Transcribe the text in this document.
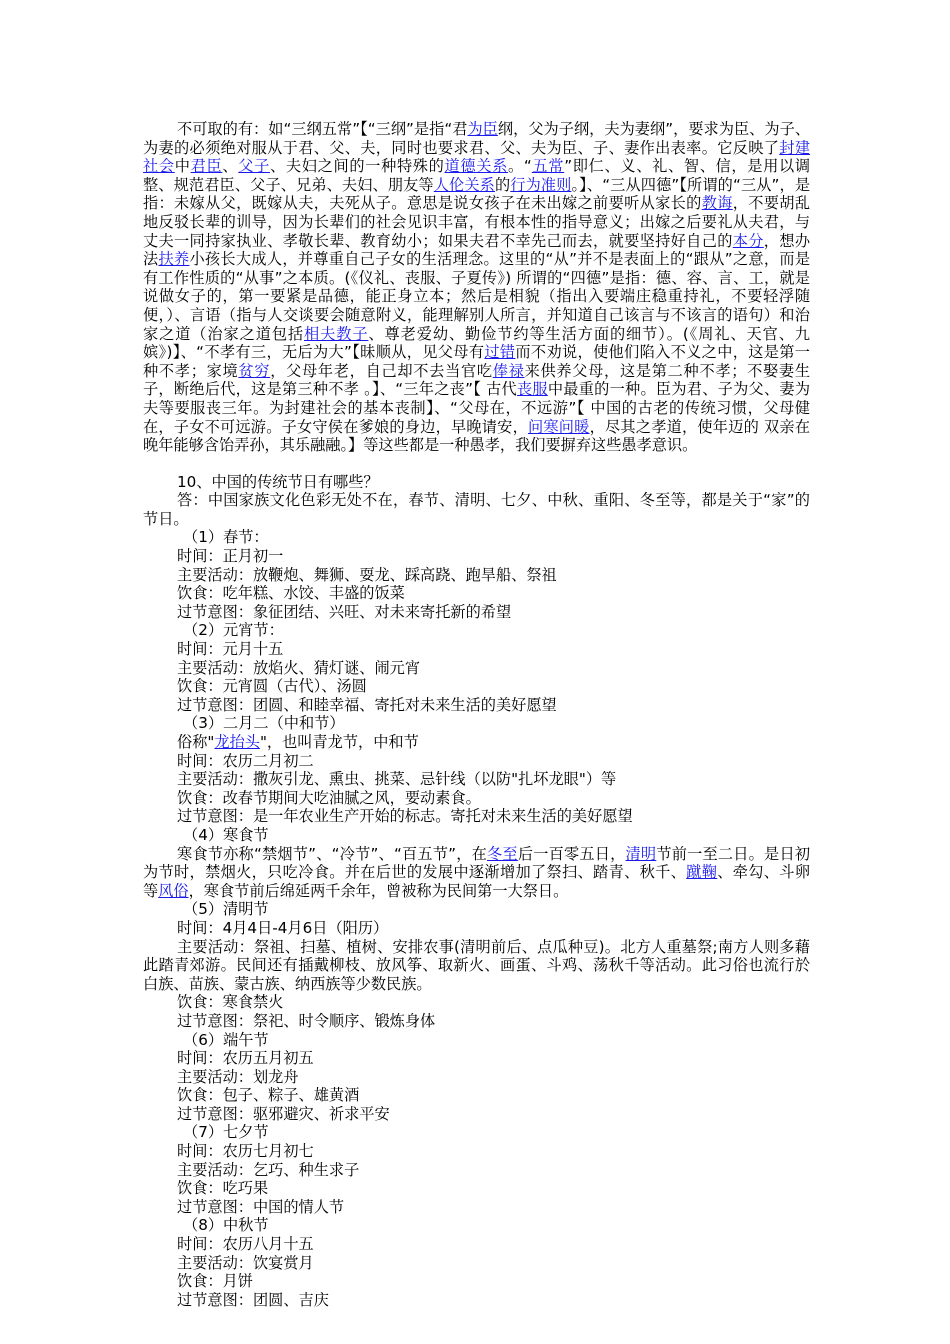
不可取的有：如“三纲五常”【“三纲”是指“君为臣纲，父为子纲，夫为妻纲”，要求为臣、为子、为妻的必须绝对服从于君、父、夫，同时也要求君、父、夫为臣、子、妻作出表率。它反映了封建社会中君臣、父子、夫妇之间的一种特殊的道德关系。“五常”即仁、义、礼、智、信，是用以调整、规范君臣、父子、兄弟、夫妇、朋友等人伦关系的行为准则。】、“三从四德”【所谓的“三从”，是指：未嫁从父，既嫁从夫，夫死从子。意思是说女孩子在未出嫁之前要听从家长的教诲，不要胡乱地反驳长辈的训导，因为长辈们的社会见识丰富，有根本性的指导意义；出嫁之后要礼从夫君，与丈夫一同持家执业、孝敬长辈、教育幼小；如果夫君不幸先己而去，就要坚持好自己的本分，想办法扶养小孩长大成人，并尊重自己子女的生活理念。这里的“从”并不是表面上的“跟从”之意，而是有工作性质的“从事”之本质。(《仪礼、丧服、子夏传》) 所谓的“四德”是指：德、容、言、工，就是说做女子的，第一要紧是品德，能正身立本；然后是相貌（指出入要端庄稳重持礼，不要轻浮随便，）、言语（指与人交谈要会随意附义，能理解别人所言，并知道自己该言与不该言的语句）和治家之道（治家之道包括相夫教子、尊老爱幼、勤俭节约等生活方面的细节）。(《周礼、天官、九嫔》)】、“不孝有三，无后为大”【昧顺从，见父母有过错而不劝说，使他们陷入不义之中，这是第一种不孝；家境贫穷，父母年老，自己却不去当官吃俸禄来供养父母，这是第二种不孝；不娶妻生子，断绝后代，这是第三种不孝 。】、“三年之丧”【 古代丧服中最重的一种。臣为君、子为父、妻为夫等要服丧三年。为封建社会的基本丧制】、“父母在，不远游”【 中国的古老的传统习惯，父母健在，子女不可远游。子女守侯在爹娘的身边，早晚请安，问寒问暖，尽其之孝道，使年迈的 双亲在晚年能够含饴弄孙，其乐融融。】等这些都是一种愚孝，我们要摒弃这些愚孝意识。

10、中国的传统节日有哪些？

答：中国家族文化色彩无处不在，春节、清明、七夕、中秋、重阳、冬至等，都是关于“家”的节日。

（1）春节：

时间：正月初一

主要活动：放鞭炮、舞狮、耍龙、踩高跷、跑旱船、祭祖

饮食：吃年糕、水饺、丰盛的饭菜

过节意图：象征团结、兴旺、对未来寄托新的希望

（2）元宵节：

时间：元月十五

主要活动：放焰火、猜灯谜、闹元宵

饮食：元宵圆（古代）、汤圆

过节意图：团圆、和睦幸福、寄托对未来生活的美好愿望

（3）二月二（中和节）

俗称"龙抬头"，也叫青龙节，中和节

时间：农历二月初二

主要活动：撒灰引龙、熏虫、挑菜、忌针线（以防"扎坏龙眼"）等

饮食：改春节期间大吃油腻之风，要动素食。

过节意图：是一年农业生产开始的标志。寄托对未来生活的美好愿望

（4）寒食节

寒食节亦称“禁烟节”、“冷节”、“百五节”，在冬至后一百零五日，清明节前一至二日。是日初为节时，禁烟火，只吃冷食。并在后世的发展中逐渐增加了祭扫、踏青、秋千、蹴鞠、牵勾、斗卵等风俗，寒食节前后绵延两千余年，曾被称为民间第一大祭日。

（5）清明节

时间：4月4日-4月6日（阳历）

主要活动：祭祖、扫墓、植树、安排农事(清明前后、点瓜种豆)。北方人重墓祭;南方人则多藉此踏青郊游。民间还有插戴柳枝、放风筝、取新火、画蛋、斗鸡、荡秋千等活动。此习俗也流行於白族、苗族、蒙古族、纳西族等少数民族。

饮食：寒食禁火

过节意图：祭祀、时令顺序、锻炼身体

（6）端午节

时间：农历五月初五

主要活动：划龙舟

饮食：包子、粽子、雄黄酒

过节意图：驱邪避灾、祈求平安

（7）七夕节

时间：农历七月初七

主要活动：乞巧、种生求子

饮食：吃巧果

过节意图：中国的情人节

（8）中秋节

时间：农历八月十五

主要活动：饮宴赏月

饮食：月饼

过节意图：团圆、吉庆
